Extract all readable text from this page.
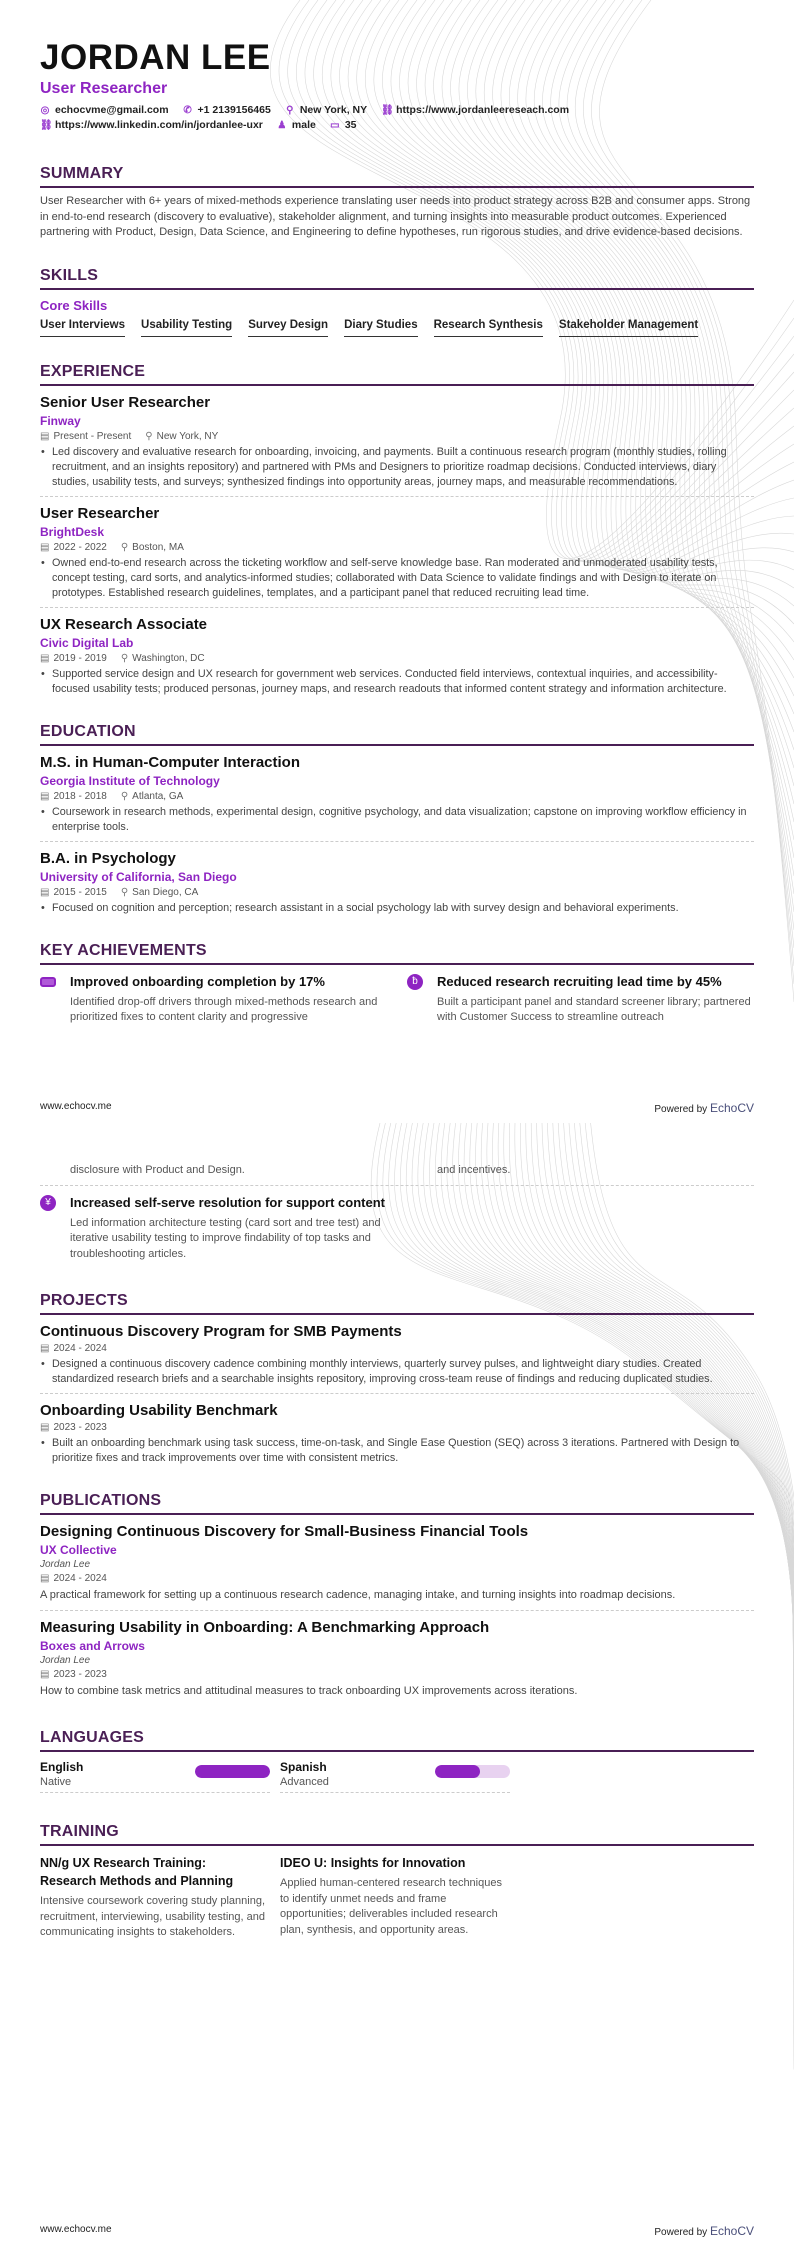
JORDAN LEE
User Researcher
◎ echocvme@gmail.com ✆ +1 2139156465 ⚲ New York, NY ⛓ https://www.jordanleereseach.com
⛓ https://www.linkedin.com/in/jordanlee-uxr ♟ male ▭ 35
SUMMARY
User Researcher with 6+ years of mixed-methods experience translating user needs into product strategy across B2B and consumer apps. Strong in end-to-end research (discovery to evaluative), stakeholder alignment, and turning insights into measurable product outcomes. Experienced partnering with Product, Design, Data Science, and Engineering to define hypotheses, run rigorous studies, and drive evidence-based decisions.
SKILLS
Core Skills
User Interviews Usability Testing Survey Design Diary Studies Research Synthesis Stakeholder Management
EXPERIENCE
Senior User Researcher
Finway
▤ Present - Present ⚲ New York, NY
• Led discovery and evaluative research for onboarding, invoicing, and payments. Built a continuous research program (monthly studies, rolling recruitment, and an insights repository) and partnered with PMs and Designers to prioritize roadmap decisions. Conducted interviews, diary studies, usability tests, and surveys; synthesized findings into opportunity areas, journey maps, and measurable recommendations.
User Researcher
BrightDesk
▤ 2022 - 2022 ⚲ Boston, MA
• Owned end-to-end research across the ticketing workflow and self-serve knowledge base. Ran moderated and unmoderated usability tests, concept testing, card sorts, and analytics-informed studies; collaborated with Data Science to validate findings and with Design to iterate on prototypes. Established research guidelines, templates, and a participant panel that reduced recruiting lead time.
UX Research Associate
Civic Digital Lab
▤ 2019 - 2019 ⚲ Washington, DC
• Supported service design and UX research for government web services. Conducted field interviews, contextual inquiries, and accessibility-focused usability tests; produced personas, journey maps, and research readouts that informed content strategy and information architecture.
EDUCATION
M.S. in Human-Computer Interaction
Georgia Institute of Technology
▤ 2018 - 2018 ⚲ Atlanta, GA
• Coursework in research methods, experimental design, cognitive psychology, and data visualization; capstone on improving workflow efficiency in enterprise tools.
B.A. in Psychology
University of California, San Diego
▤ 2015 - 2015 ⚲ San Diego, CA
• Focused on cognition and perception; research assistant in a social psychology lab with survey design and behavioral experiments.
KEY ACHIEVEMENTS
Improved onboarding completion by 17%
Identified drop-off drivers through mixed-methods research and prioritized fixes to content clarity and progressive
ƀ	Reduced research recruiting lead time by 45%
Built a participant panel and standard screener library; partnered with Customer Success to streamline outreach
www.echocv.me	Powered by EchoCV
disclosure with Product and Design.	and incentives.
¥	Increased self-serve resolution for support content
Led information architecture testing (card sort and tree test) and iterative usability testing to improve findability of top tasks and troubleshooting articles.
PROJECTS
Continuous Discovery Program for SMB Payments
▤ 2024 - 2024
• Designed a continuous discovery cadence combining monthly interviews, quarterly survey pulses, and lightweight diary studies. Created standardized research briefs and a searchable insights repository, improving cross-team reuse of findings and reducing duplicated studies.
Onboarding Usability Benchmark
▤ 2023 - 2023
• Built an onboarding benchmark using task success, time-on-task, and Single Ease Question (SEQ) across 3 iterations. Partnered with Design to prioritize fixes and track improvements over time with consistent metrics.
PUBLICATIONS
Designing Continuous Discovery for Small-Business Financial Tools
UX Collective
Jordan Lee
▤ 2024 - 2024
A practical framework for setting up a continuous research cadence, managing intake, and turning insights into roadmap decisions.
Measuring Usability in Onboarding: A Benchmarking Approach
Boxes and Arrows
Jordan Lee
▤ 2023 - 2023
How to combine task metrics and attitudinal measures to track onboarding UX improvements across iterations.
LANGUAGES
English
Native
Spanish
Advanced
TRAINING
NN/g UX Research Training: Research Methods and Planning
Intensive coursework covering study planning, recruitment, interviewing, usability testing, and communicating insights to stakeholders.
IDEO U: Insights for Innovation
Applied human-centered research techniques to identify unmet needs and frame opportunities; deliverables included research plan, synthesis, and opportunity areas.
www.echocv.me	Powered by EchoCV
